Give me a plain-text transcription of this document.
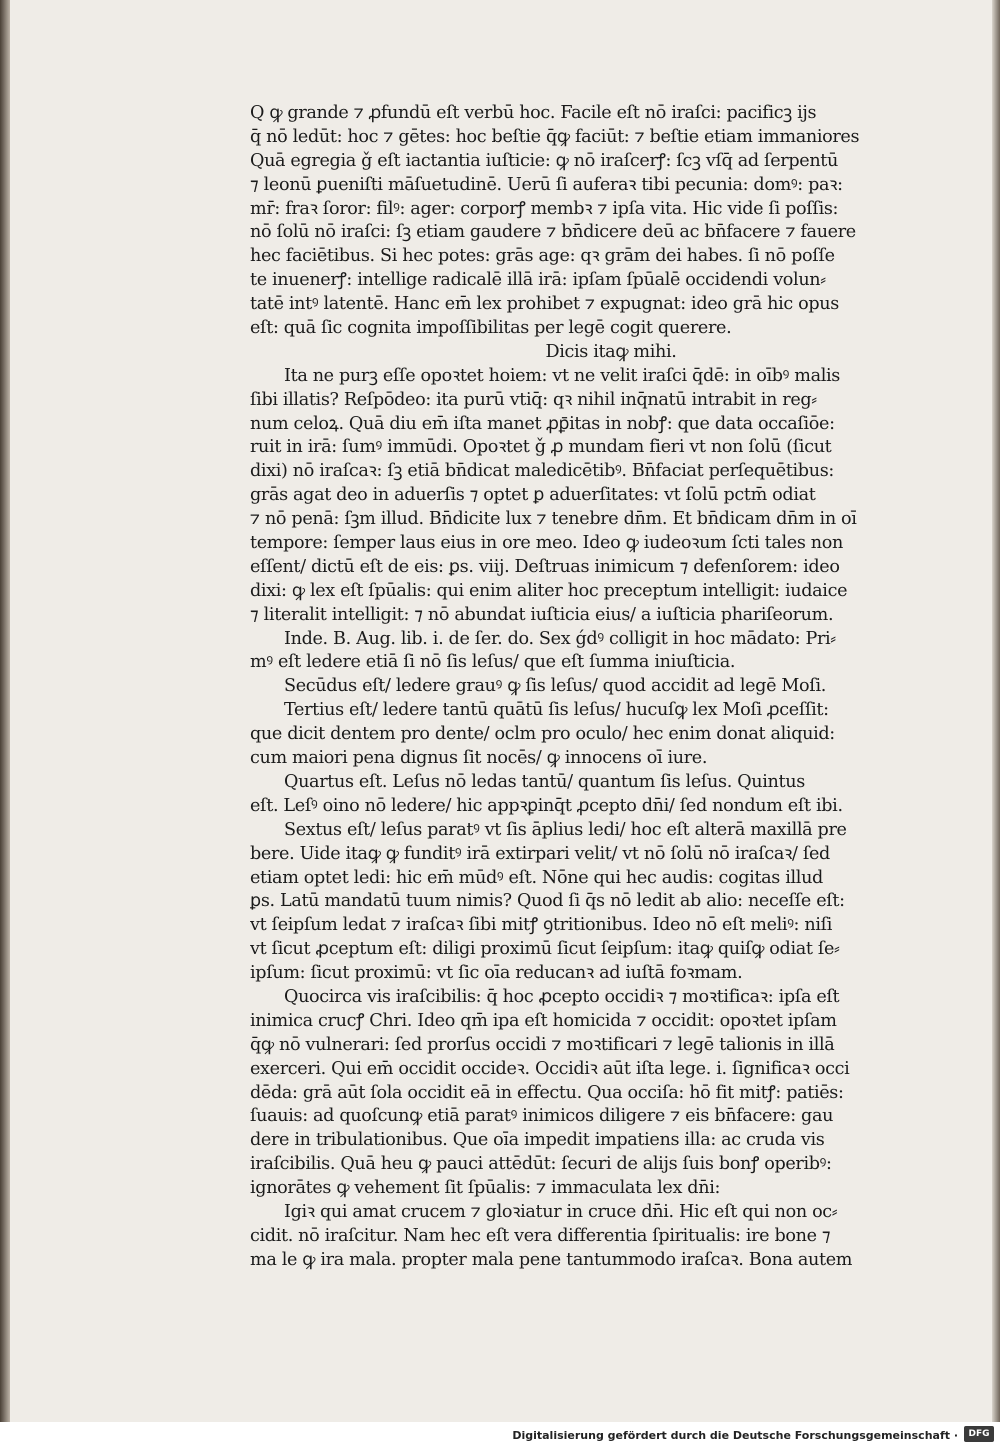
Q ꝙ grande ⁊ ꝓfundū eſt verbū hoc. Facile eſt nō iraſci: pacificꝫ ijs
q̄ nō ledūt: hoc ⁊ gētes: hoc beſtie q̄ꝙ faciūt: ⁊ beſtie etiam immaniores
Quā egregia ǧ eſt iactantia iuſticie: ꝙ nō iraſcerꝭ: ſcꝫ vſq̄ ad ſerpentū
⁊ leonū ꝑueniſti māſuetudinē. Uerū ſi auferaꝛ tibi pecunia: domꝰ: paꝛ:
mr̄: fraꝛ ſoror: filꝰ: ager: corporꝭ membꝛ ⁊ ipſa vita. Hic vide ſi poſſis:
nō ſolū nō iraſci: ſꝫ etiam gaudere ⁊ bn̄dicere deū ac bn̄facere ⁊ fauere
hec faciētibus. Si hec potes: grās age: qꝛ grām dei habes. ſi nō poſſe
te inuenerꝭ: intellige radicalē illā irā: ipſam ſpūalē occidendi volun⸗
tatē intꝰ latentē. Hanc em̄ lex prohibet ⁊ expugnat: ideo grā hic opus
eſt: quā ſic cognita impoſſibilitas per legē cogit querere.
Dicis itaꝙ mihi.
Ita ne purꝫ eſſe opoꝛtet hoiem: vt ne velit iraſci q̄dē: in oībꝰ malis
ſibi illatis? Reſpōdeo: ita purū vtiq̄: qꝛ nihil inq̄natū intrabit in reg⸗
num celoꝝ. Quā diu em̄ iſta manet ꝓꝑ̄itas in nobꝭ: que data occaſiōe:
ruit in irā: ſumꝰ immūdi. Opoꝛtet ǧ ꝓ mundam fieri vt non ſolū (ſicut
dixi) nō iraſcaꝛ: ſꝫ etiā bn̄dicat maledicētibꝰ. Bn̄faciat perſequētibus:
grās agat deo in aduerſis ⁊ optet ꝑ aduerſitates: vt ſolū pctm̄ odiat
⁊ nō penā: ſꝫm illud. Bn̄dicite lux ⁊ tenebre dn̄m. Et bn̄dicam dn̄m in oī
tempore: ſemper laus eius in ore meo. Ideo ꝙ iudeoꝛum ſcti tales non
eſſent/ dictū eſt de eis: ꝑs. viij. Deſtruas inimicum ⁊ defenſorem: ideo
dixi: ꝙ lex eſt ſpūalis: qui enim aliter hoc preceptum intelligit: iudaice
⁊ literalit̄ intelligit: ⁊ nō abundat iuſticia eius/ a iuſticia phariſeorum.
Inde. B. Aug. lib. i. de ſer. do. Sex ǵdꝰ colligit in hoc mādato: Pri⸗
mꝰ eſt ledere etiā ſi nō ſis leſus/ que eſt ſumma iniuſticia.
Secūdus eſt/ ledere grauꝰ ꝙ ſis leſus/ quod accidit ad legē Moſi.
Tertius eſt/ ledere tantū quātū ſis leſus/ hucuſꝙ lex Moſi ꝓceſſit:
que dicit dentem pro dente/ ocl̄m pro oculo/ hec enim donat aliquid:
cum maiori pena dignus ſit nocēs/ ꝙ innocens oī iure.
Quartus eſt. Leſus nō ledas tantū/ quantum ſis leſus. Quintus
eſt. Leſꝰ oino nō ledere/ hic appꝛꝑinq̄t ꝓcepto dn̄i/ ſed nondum eſt ibi.
Sextus eſt/ leſus paratꝰ vt ſis āplius ledi/ hoc eſt alterā maxillā pre
bere. Uide itaꝙ ꝙ funditꝰ irā extirpari velit/ vt nō ſolū nō iraſcaꝛ/ ſed
etiam optet ledi: hic em̄ mūdꝰ eſt. Nōne qui hec audis: cogitas illud
ꝑs. Latū mandatū tuum nimis? Quod ſi q̄s nō ledit ab alio: neceſſe eſt:
vt ſeipſum ledat ⁊ iraſcaꝛ ſibi mitꝭ ꝯtritionibus. Ideo nō eſt meliꝰ: niſi
vt ſicut ꝓceptum eſt: diligi proximū ſicut ſeipſum: itaꝙ quiſꝙ odiat ſe⸗
ipſum: ſicut proximū: vt ſic oīa reducanꝛ ad iuſtā foꝛmam.
Quocirca vis iraſcibilis: q̄ hoc ꝓcepto occidiꝛ ⁊ moꝛtificaꝛ: ipſa eſt
inimica crucꝭ Chri. Ideo qm̄ ipa eſt homicida ⁊ occidit: opoꝛtet ipſam
q̄ꝙ nō vulnerari: ſed prorſus occidi ⁊ moꝛtificari ⁊ legē talionis in illā
exerceri. Qui em̄ occidit occideꝛ. Occidiꝛ aūt iſta lege. i. ſignificaꝛ occi
dēda: grā aūt ſola occidit eā in effectu. Qua occiſa: hō fit mitꝭ: patiēs:
ſuauis: ad quoſcunꝙ etiā paratꝰ inimicos diligere ⁊ eis bn̄facere: gau
dere in tribulationibus. Que oīa impedit impatiens illa: ac cruda vis
iraſcibilis. Quā heu ꝙ pauci attēdūt: ſecuri de alijs ſuis bonꝭ operibꝰ:
ignorātes ꝙ vehement̄ ſit ſpūalis: ⁊ immaculata lex dn̄i:
Igiꝛ qui amat crucem ⁊ gloꝛiatur in cruce dn̄i. Hic eſt qui non oc⸗
cidit. nō iraſcitur. Nam hec eſt vera differentia ſpiritualis: ire bone ⁊
ma le ꝙ ira mala. propter mala pene tantummodo iraſcaꝛ. Bona autem
Digitalisierung gefördert durch die Deutsche Forschungsgemeinschaft ·	DFG
